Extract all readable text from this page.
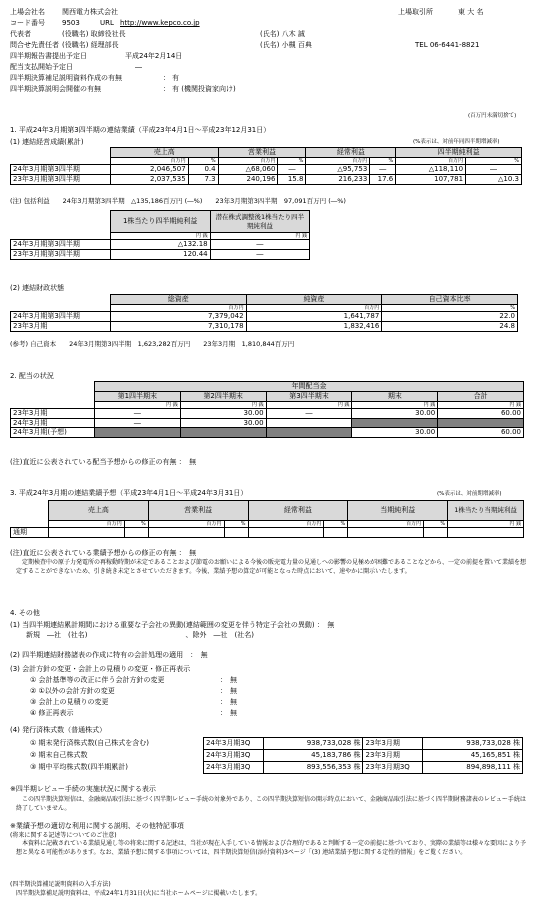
上場会社名 関西電力株式会社	上場取引所	東 大 名
コード番号 9503	URL http://www.kepco.co.jp
代表者	(役職名) 取締役社長	(氏名) 八木 誠
問合せ先責任者 (役職名) 経理部長	(氏名) 小槻 百典	TEL 06-6441-8821
四半期報告書提出予定日	平成24年2月14日
配当支払開始予定日	―
四半期決算補足説明資料作成の有無	： 有
四半期決算説明会開催の有無	： 有 (機関投資家向け)
(百万円未満切捨て)
1. 平成24年3月期第3四半期の連結業績（平成23年4月1日～平成23年12月31日）
(1) 連結経営成績(累計)	(%表示は、対前年同四半期増減率)
	売上高		営業利益		経常利益		四半期純利益	
	百万円	%	百万円	%	百万円	%	百万円	%
24年3月期第3四半期	2,046,507	0.4	△68,060	―	△95,753	―	△118,110	―
23年3月期第3四半期	2,037,535	7.3	240,196	15.8	216,233	17.6	107,781	△10.3
(注) 包括利益　　24年3月期第3四半期　△135,186百万円 (―%)　　23年3月期第3四半期　97,091百万円 (―%)
	1株当たり四半期純利益	潜在株式調整後1株当たり四半期純利益
	円 銭	円 銭
24年3月期第3四半期	△132.18	―
23年3月期第3四半期	120.44	―
(2) 連結財政状態
	総資産	純資産	自己資本比率
	百万円	百万円	%
24年3月期第3四半期	7,379,042	1,641,787	22.0
23年3月期	7,310,178	1,832,416	24.8
(参考) 自己資本　　24年3月期第3四半期　1,623,282百万円　　23年3月期　1,810,844百万円
2. 配当の状況
	年間配当金				
	第1四半期末	第2四半期末	第3四半期末	期末	合計
	円 銭	円 銭	円 銭	円 銭	円 銭
23年3月期	―	30.00	―	30.00	60.00
24年3月期	―	30.00			
24年3月期(予想)				30.00	60.00
(注)直近に公表されている配当予想からの修正の有無 ：　無
3. 平成24年3月期の連結業績予想（平成23年4月1日～平成24年3月31日）	(%表示は、対前期増減率)
	売上高		営業利益		経常利益		当期純利益		1株当たり当期純利益
	百万円	%	百万円	%	百万円	%	百万円	%	円 銭
通期									
(注)直近に公表されている業績予想からの修正の有無 ：　無
定期検査中の原子力発電所の再稼動時期が未定であることおよび節電のお願いによる今後の販売電力量の見通しへの影響の見極めが困難であることなどから、一定の前提を置いて業績を想定することができないため、引き続き未定とさせていただきます。今後、業績予想の算定が可能となった時点において、速やかに開示いたします。
4. その他
(1) 当四半期連結累計期間における重要な子会社の異動(連結範囲の変更を伴う特定子会社の異動) ：　無
新規　―社　(社名)　　　　　　　　　　　　　　、除外　―社　(社名)
(2) 四半期連結財務諸表の作成に特有の会計処理の適用　：　無
(3) 会計方針の変更・会計上の見積りの変更・修正再表示
① 会計基準等の改正に伴う会計方針の変更	： 無
② ①以外の会計方針の変更	： 無
③ 会計上の見積りの変更	： 無
④ 修正再表示	： 無
(4) 発行済株式数（普通株式）
① 期末発行済株式数(自己株式を含む)
② 期末自己株式数
③ 期中平均株式数(四半期累計)
24年3月期3Q	938,733,028 株	23年3月期	938,733,028 株
24年3月期3Q	45,183,786 株	23年3月期	45,165,851 株
24年3月期3Q	893,556,353 株	23年3月期3Q	894,898,111 株
※四半期レビュー手続の実施状況に関する表示
この四半期決算短信は、金融商品取引法に基づく四半期レビュー手続の対象外であり、この四半期決算短信の開示時点において、金融商品取引法に基づく四半期財務諸表のレビュー手続は終了していません。
※業績予想の適切な利用に関する説明、その他特記事項
(将来に関する記述等についてのご注意)
本資料に記載されている業績見通し等の将来に関する記述は、当社が現在入手している情報および合理的であると判断する一定の前提に基づいており、実際の業績等は様々な要因により予想と異なる可能性があります。なお、業績予想に関する事項については、四半期決算短信(添付資料)3ページ「(3) 連結業績予想に関する定性的情報」をご覧ください。
(四半期決算補足説明資料の入手方法)
四半期決算補足説明資料は、平成24年1月31日(火)に当社ホームページに掲載いたします。
